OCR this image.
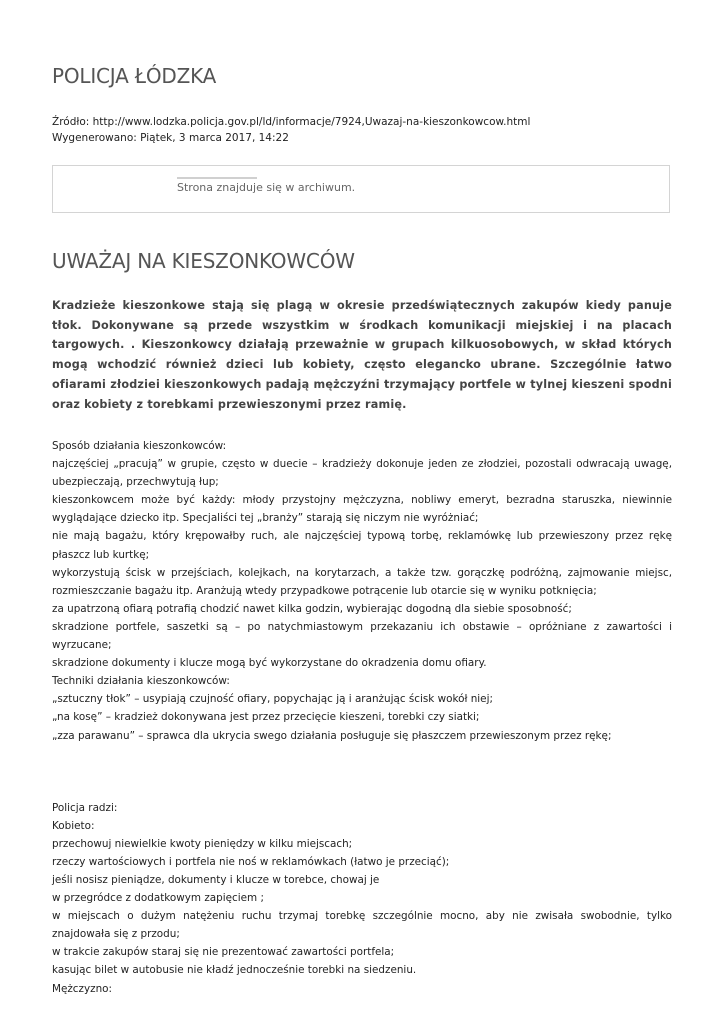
POLICJA ŁÓDZKA
Źródło: http://www.lodzka.policja.gov.pl/ld/informacje/7924,Uwazaj-na-kieszonkowcow.html
Wygenerowano: Piątek, 3 marca 2017, 14:22
Strona znajduje się w archiwum.
UWAŻAJ NA KIESZONKOWCÓW

Kradzieże kieszonkowe stają się plagą w okresie przedświątecznych zakupów kiedy panuje tłok. Dokonywane są przede wszystkim w środkach komunikacji miejskiej i na placach targowych. . Kieszonkowcy działają przeważnie w grupach kilkuosobowych, w skład których mogą wchodzić również dzieci lub kobiety, często elegancko ubrane. Szczególnie łatwo ofiarami złodziei kieszonkowych padają mężczyźni trzymający portfele w tylnej kieszeni spodni oraz kobiety z torebkami przewieszonymi przez ramię.

Sposób działania kieszonkowców:

najczęściej „pracują” w grupie, często w duecie – kradzieży dokonuje jeden ze złodziei, pozostali odwracają uwagę, ubezpieczają, przechwytują łup;

kieszonkowcem może być każdy: młody przystojny mężczyzna, nobliwy emeryt, bezradna staruszka, niewinnie wyglądające dziecko itp. Specjaliści tej „branży” starają się niczym nie wyróżniać;

nie mają bagażu, który krępowałby ruch, ale najczęściej typową torbę, reklamówkę lub przewieszony przez rękę płaszcz lub kurtkę;

wykorzystują ścisk w przejściach, kolejkach, na korytarzach, a także tzw. gorączkę podróżną, zajmowanie miejsc, rozmieszczanie bagażu itp. Aranżują wtedy przypadkowe potrącenie lub otarcie się w wyniku potknięcia;

za upatrzoną ofiarą potrafią chodzić nawet kilka godzin, wybierając dogodną dla siebie sposobność;

skradzione portfele, saszetki są – po natychmiastowym przekazaniu ich obstawie – opróżniane z zawartości i wyrzucane;

skradzione dokumenty i klucze mogą być wykorzystane do okradzenia domu ofiary.

Techniki działania kieszonkowców:

„sztuczny tłok” – usypiają czujność ofiary, popychając ją i aranżując ścisk wokół niej;

„na kosę” – kradzież dokonywana jest przez przecięcie kieszeni, torebki czy siatki;

„zza parawanu” – sprawca dla ukrycia swego działania posługuje się płaszczem przewieszonym przez rękę;

Policja radzi:

Kobieto:

przechowuj niewielkie kwoty pieniędzy w kilku miejscach;

rzeczy wartościowych i portfela nie noś w reklamówkach (łatwo je przeciąć);

jeśli nosisz pieniądze, dokumenty i klucze w torebce, chowaj je

w przegródce z dodatkowym zapięciem ;

w miejscach o dużym natężeniu ruchu trzymaj torebkę szczególnie mocno, aby nie zwisała swobodnie, tylko znajdowała się z przodu;

w trakcie zakupów staraj się nie prezentować zawartości portfela;

kasując bilet w autobusie nie kładź jednocześnie torebki na siedzeniu.

Mężczyzno:
